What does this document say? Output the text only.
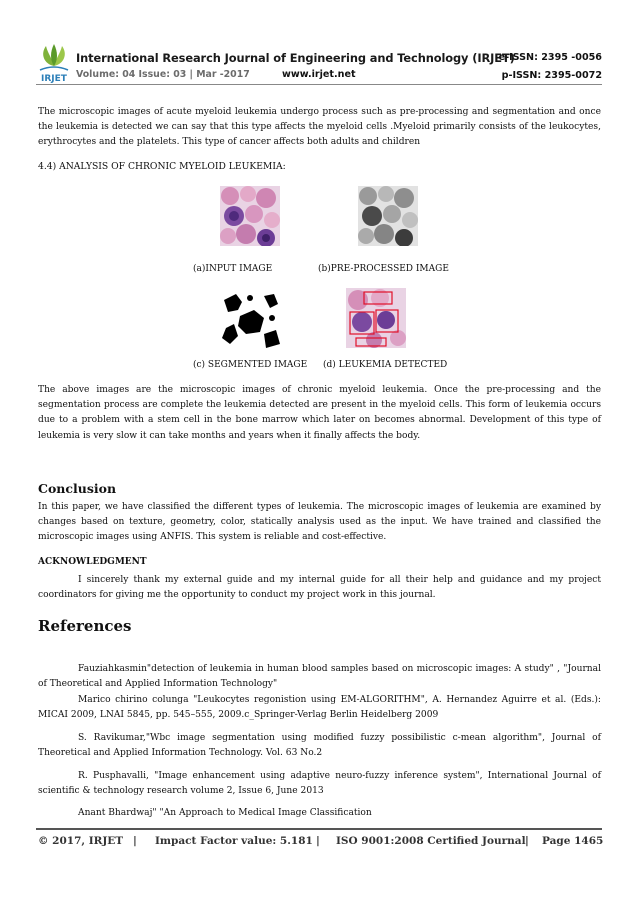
IRJET
International Research Journal of Engineering and Technology (IRJET)
e-ISSN: 2395 -0056
Volume: 04 Issue: 03 | Mar -2017	www.irjet.net	p-ISSN: 2395-0072
The microscopic images of acute myeloid leukemia undergo process such as pre-processing and segmentation and once the leukemia is detected we can say that this type affects the myeloid cells .Myeloid primarily consists of the leukocytes, erythrocytes and the platelets. This type of cancer affects both adults and children
4.4) ANALYSIS OF CHRONIC MYELOID LEUKEMIA:
(a)INPUT IMAGE	(b)PRE-PROCESSED IMAGE
(c) SEGMENTED IMAGE (d) LEUKEMIA DETECTED
The above images are the microscopic images of chronic myeloid leukemia. Once the pre-processing and the segmentation process are complete the leukemia detected are present in the myeloid cells. This form of leukemia occurs due to a problem with a stem cell in the bone marrow which later on becomes abnormal. Development of this type of leukemia is very slow it can take months and years when it finally affects the body.
Conclusion
In this paper, we have classified the different types of leukemia. The microscopic images of leukemia are examined by changes based on texture, geometry, color, statically analysis used as the input. We have trained and classified the microscopic images using ANFIS. This system is reliable and cost-effective.
ACKNOWLEDGMENT
I sincerely thank my external guide and my internal guide for all their help and guidance and my project coordinators for giving me the opportunity to conduct my project work in this journal.
References
Fauziahkasmin"detection of leukemia in human blood samples based on microscopic images: A study" , "Journal of Theoretical and Applied Information Technology"
Marico chirino colunga "Leukocytes regonistion using EM-ALGORITHM", A. Hernandez Aguirre et al. (Eds.): MICAI 2009, LNAI 5845, pp. 545–555, 2009.c_Springer-Verlag Berlin Heidelberg 2009
S. Ravikumar,"Wbc image segmentation using modified fuzzy possibilistic c-mean algorithm", Journal of Theoretical and Applied Information Technology. Vol. 63 No.2
R. Pusphavalli, "Image enhancement using adaptive neuro-fuzzy inference system", International Journal of scientific & technology research volume 2, Issue 6, June 2013
Anant Bhardwaj" "An Approach to Medical Image Classification
© 2017, IRJET | Impact Factor value: 5.181 | ISO 9001:2008 Certified Journal | Page 1465
